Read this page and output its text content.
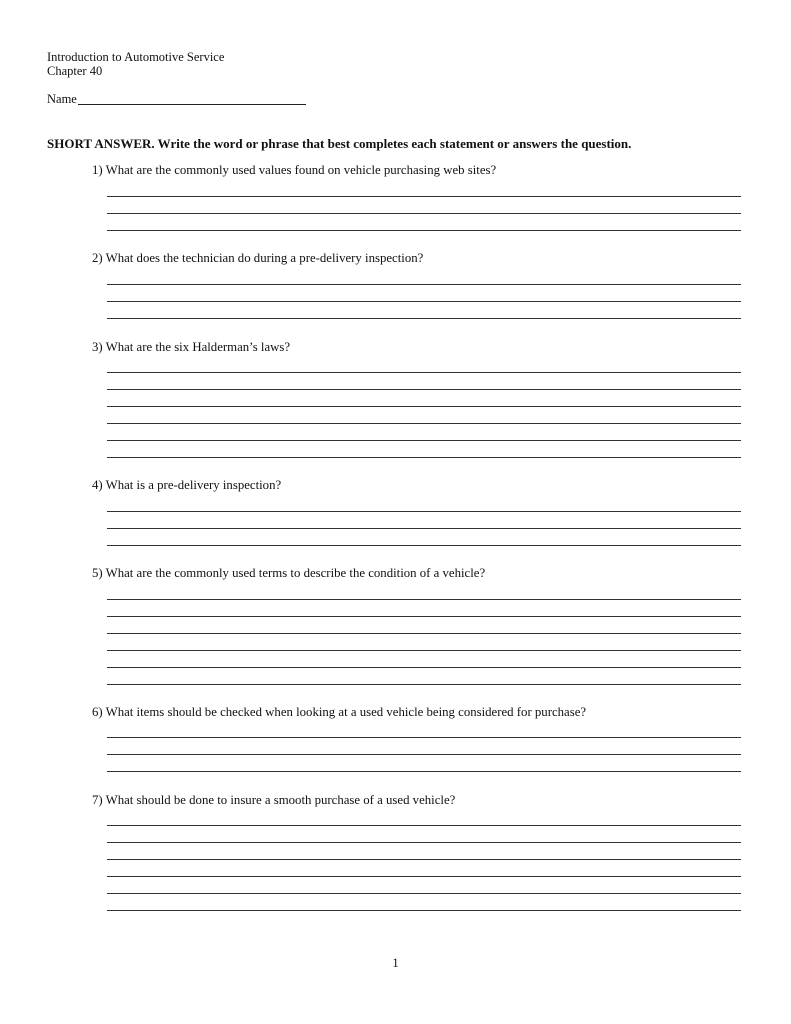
Introduction to Automotive Service
Chapter 40
Name
SHORT ANSWER. Write the word or phrase that best completes each statement or answers the question.
1) What are the commonly used values found on vehicle purchasing web sites?
2) What does the technician do during a pre-delivery inspection?
3) What are the six Halderman’s laws?
4) What is a pre-delivery inspection?
5) What are the commonly used terms to describe the condition of a vehicle?
6) What items should be checked when looking at a used vehicle being considered for purchase?
7) What should be done to insure a smooth purchase of a used vehicle?
1
